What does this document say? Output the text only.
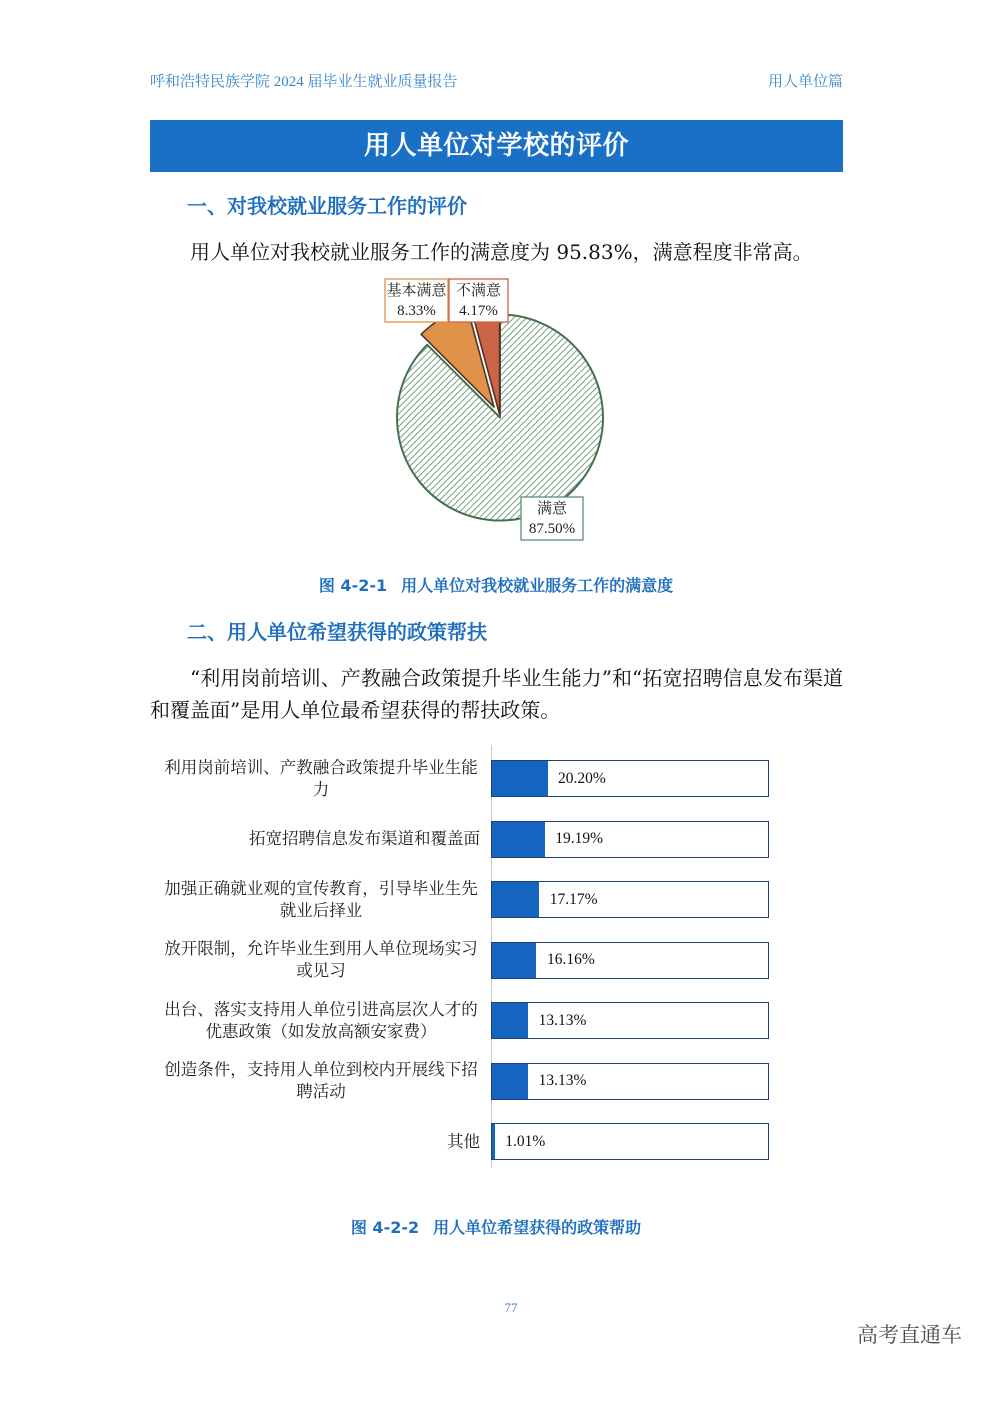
呼和浩特民族学院 2024 届毕业生就业质量报告	用人单位篇
用人单位对学校的评价
一、对我校就业服务工作的评价
用人单位对我校就业服务工作的满意度为 95.83%，满意程度非常高。
满意
87.50%
基本满意
8.33%
不满意
4.17%
图 4-2-1 用人单位对我校就业服务工作的满意度
二、用人单位希望获得的政策帮扶
“利用岗前培训、产教融合政策提升毕业生能力”和“拓宽招聘信息发布渠道和覆盖面”是用人单位最希望获得的帮扶政策。
利用岗前培训、产教融合政策提升毕业生能力
20.20%
拓宽招聘信息发布渠道和覆盖面	19.19%
加强正确就业观的宣传教育，引导毕业生先就业后择业
17.17%
放开限制，允许毕业生到用人单位现场实习或见习
16.16%
出台、落实支持用人单位引进高层次人才的优惠政策（如发放高额安家费）
13.13%
创造条件，支持用人单位到校内开展线下招聘活动
13.13%
其他 1.01%
图 4-2-2 用人单位希望获得的政策帮助
77
高考直通车
